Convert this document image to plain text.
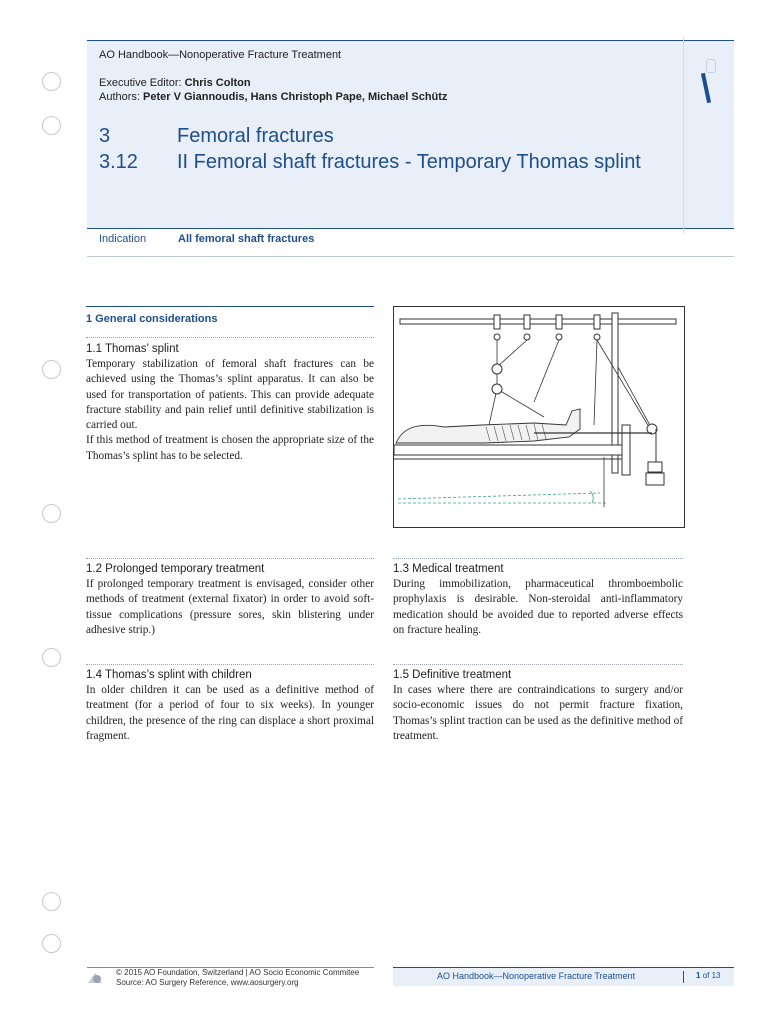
AO Handbook—Nonoperative Fracture Treatment
Executive Editor: Chris Colton
Authors: Peter V Giannoudis, Hans Christoph Pape, Michael Schütz
3	Femoral fractures
3.12 II Femoral shaft fractures - Temporary Thomas splint
Indication	All femoral shaft fractures
1 General considerations
1.1 Thomas’ splint
Temporary stabilization of femoral shaft fractures can be achieved using the Thomas’s splint apparatus. It can also be used for transportation of patients. This can provide adequate fracture stability and pain relief until definitive stabilization is carried out.
If this method of treatment is chosen the appropriate size of the Thomas’s splint has to be selected.
1.2 Prolonged temporary treatment
If prolonged temporary treatment is envisaged, consider other methods of treatment (external fixator) in order to avoid soft-tissue complications (pressure sores, skin blistering under adhesive strip.)
1.3 Medical treatment
During immobilization, pharmaceutical thromboembolic prophylaxis is desirable. Non-steroidal anti-inflammatory medication should be avoided due to reported adverse effects on fracture healing.
1.4 Thomas’s splint with children
In older children it can be used as a definitive method of treatment (for a period of four to six weeks). In younger children, the presence of the ring can displace a short proximal fragment.
1.5 Definitive treatment
In cases where there are contraindications to surgery and/or socio-economic issues do not permit fracture fixation, Thomas’s splint traction can be used as the definitive method of treatment.
© 2015 AO Foundation, Switzerland | AO Socio Economic Commitee
Source: AO Surgery Reference, www.aosurgery.org
AO Handbook—Nonoperative Fracture Treatment	1 of 13
